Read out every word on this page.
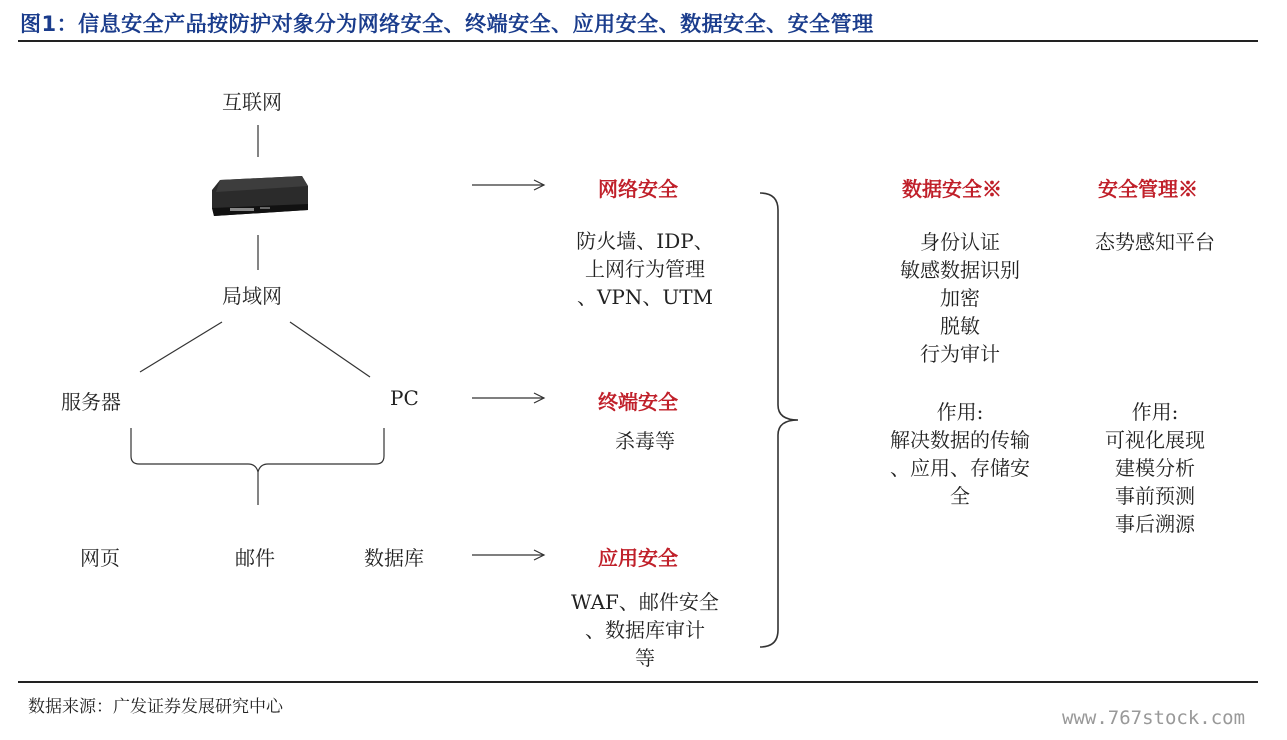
图1：信息安全产品按防护对象分为网络安全、终端安全、应用安全、数据安全、安全管理
互联网
局域网
服务器	PC
网页	邮件	数据库
网络安全
防火墙、IDP、
上网行为管理
、VPN、UTM
终端安全
杀毒等
应用安全
WAF、邮件安全
、数据库审计
等
数据安全※
身份认证
敏感数据识别
加密
脱敏
行为审计
作用:
解决数据的传输
、应用、存储安
全
安全管理※
态势感知平台
作用:
可视化展现
建模分析
事前预测
事后溯源
数据来源：广发证券发展研究中心	www.767stock.com
